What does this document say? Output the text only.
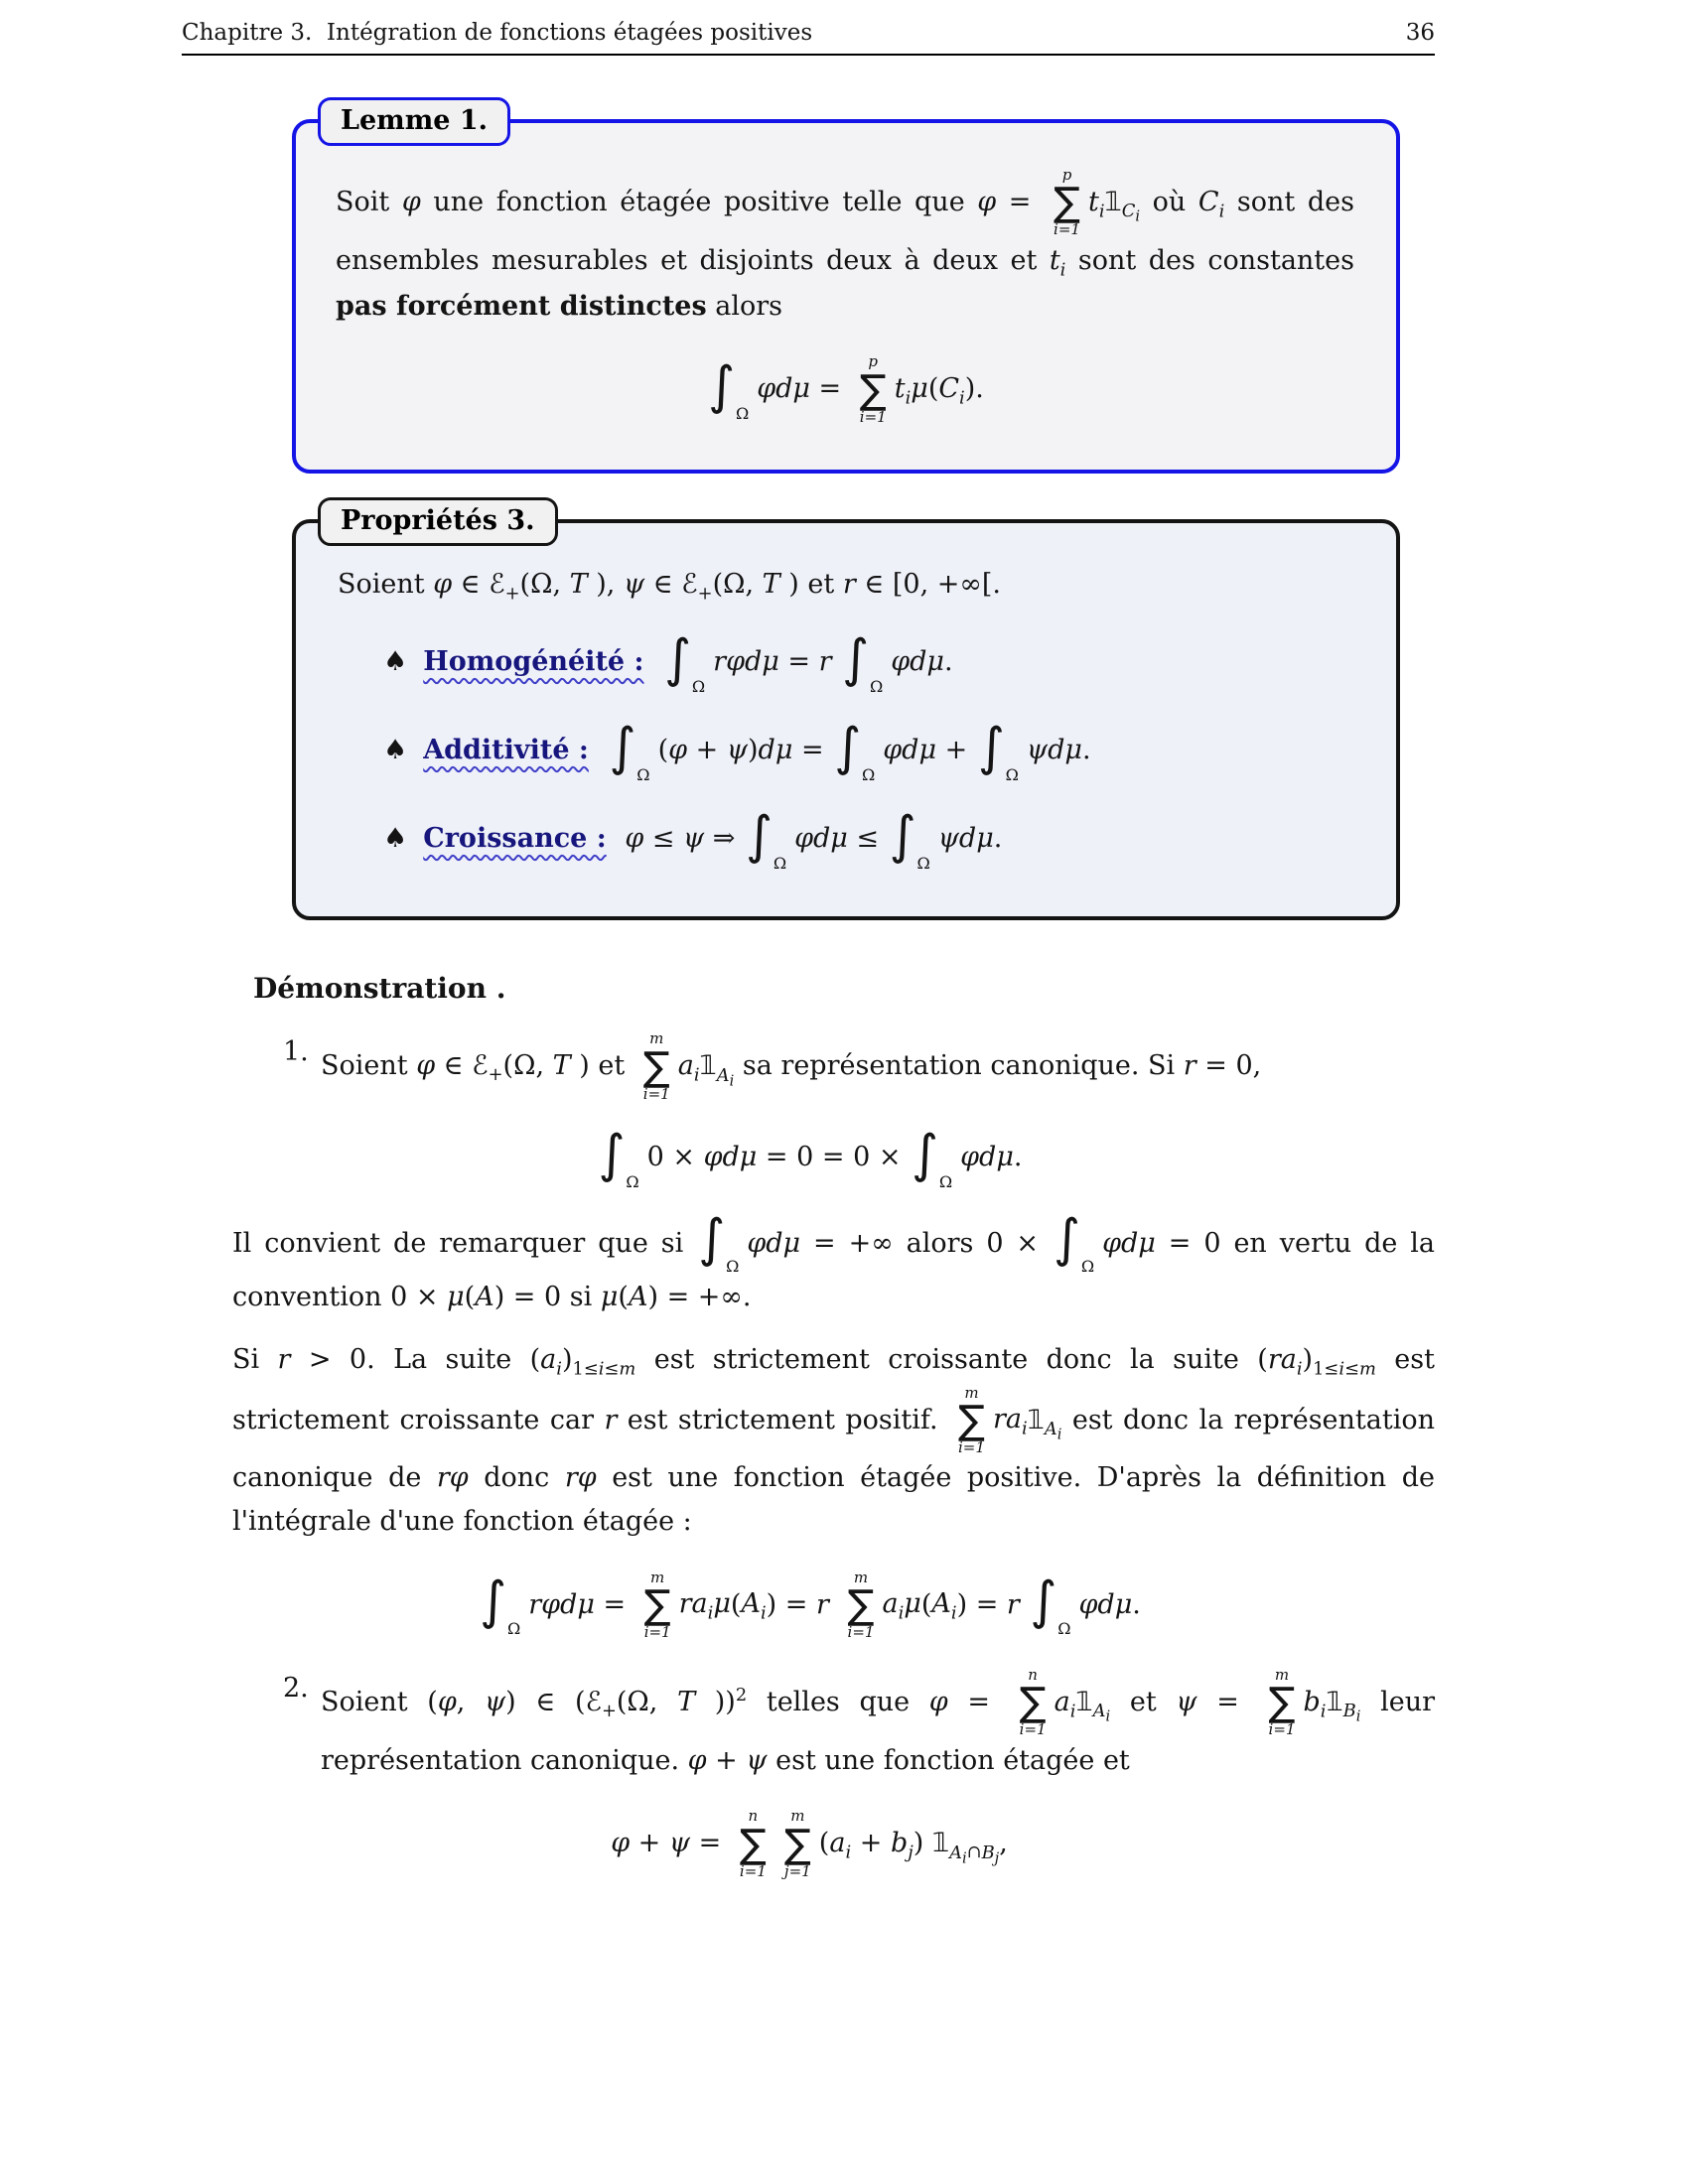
Chapitre 3.  Intégration de fonctions étagées positives	36
Lemme 1.
Soit φ une fonction étagée positive telle que φ =
p
∑
i=1
$t_i𝟙_{C_i}$ où $C_i$ sont des ensembles mesurables et disjoints deux à deux et $t_i$ sont des constantes pas forcément distinctes alors
∫ Ω
φdμ =
p
∑
i=1
$t_i\mu(C_i)$.
Propriétés 3.
Soient φ ∈ ℰ$_+$(Ω, T ), ψ ∈ ℰ$_+$(Ω, T ) et r ∈ [0, +∞[.
♠ Homogénéité : ∫ Ω
rφdμ = r ∫ Ω
φdμ.
♠ Additivité : ∫ Ω
(φ + ψ)dμ = ∫ Ω
φdμ + ∫ Ω
ψdμ.
♠ Croissance : φ ≤ ψ ⇒ ∫ Ω
φdμ ≤ ∫ Ω
ψdμ.
Démonstration .
1. Soient φ ∈ ℰ$_+$(Ω, T ) et
m
∑
i=1
$a_i𝟙_{A_i}$ sa représentation canonique. Si r = 0,
∫ Ω
0 × φdμ = 0 = 0 × ∫ Ω
φdμ.
Il convient de remarquer que si ∫ Ω
φdμ = +∞ alors 0 × ∫ Ω
φdμ = 0 en vertu de la convention 0 × μ(A) = 0 si μ(A) = +∞.
Si r > 0. La suite $(a_i)_{1\le i\le m}$ est strictement croissante donc la suite $(ra_i)_{1\le i\le m}$ est strictement croissante car r est strictement positif.
m
∑
i=1
$ra_i𝟙_{A_i}$ est donc la représentation canonique de rφ donc rφ est une fonction étagée positive. D'après la définition de l'intégrale d'une fonction étagée :
∫ Ω
rφdμ =
m
∑
i=1
$ra_i\mu(A_i) = r$
m
∑
i=1
$a_i\mu(A_i) = r$ ∫ Ω
φdμ.
2. Soient (φ, ψ) ∈ (ℰ$_+$(Ω, T ))$^2$ telles que φ =
n
∑
i=1
$a_i𝟙_{A_i}$ et ψ =
m
∑
i=1
$b_i𝟙_{B_i}$ leur représentation canonique. φ + ψ est une fonction étagée et
φ + ψ =
n
∑
i=1
m
∑
j=1
$(a_i + b_j)$ $𝟙_{A_i\cap B_j}$,
